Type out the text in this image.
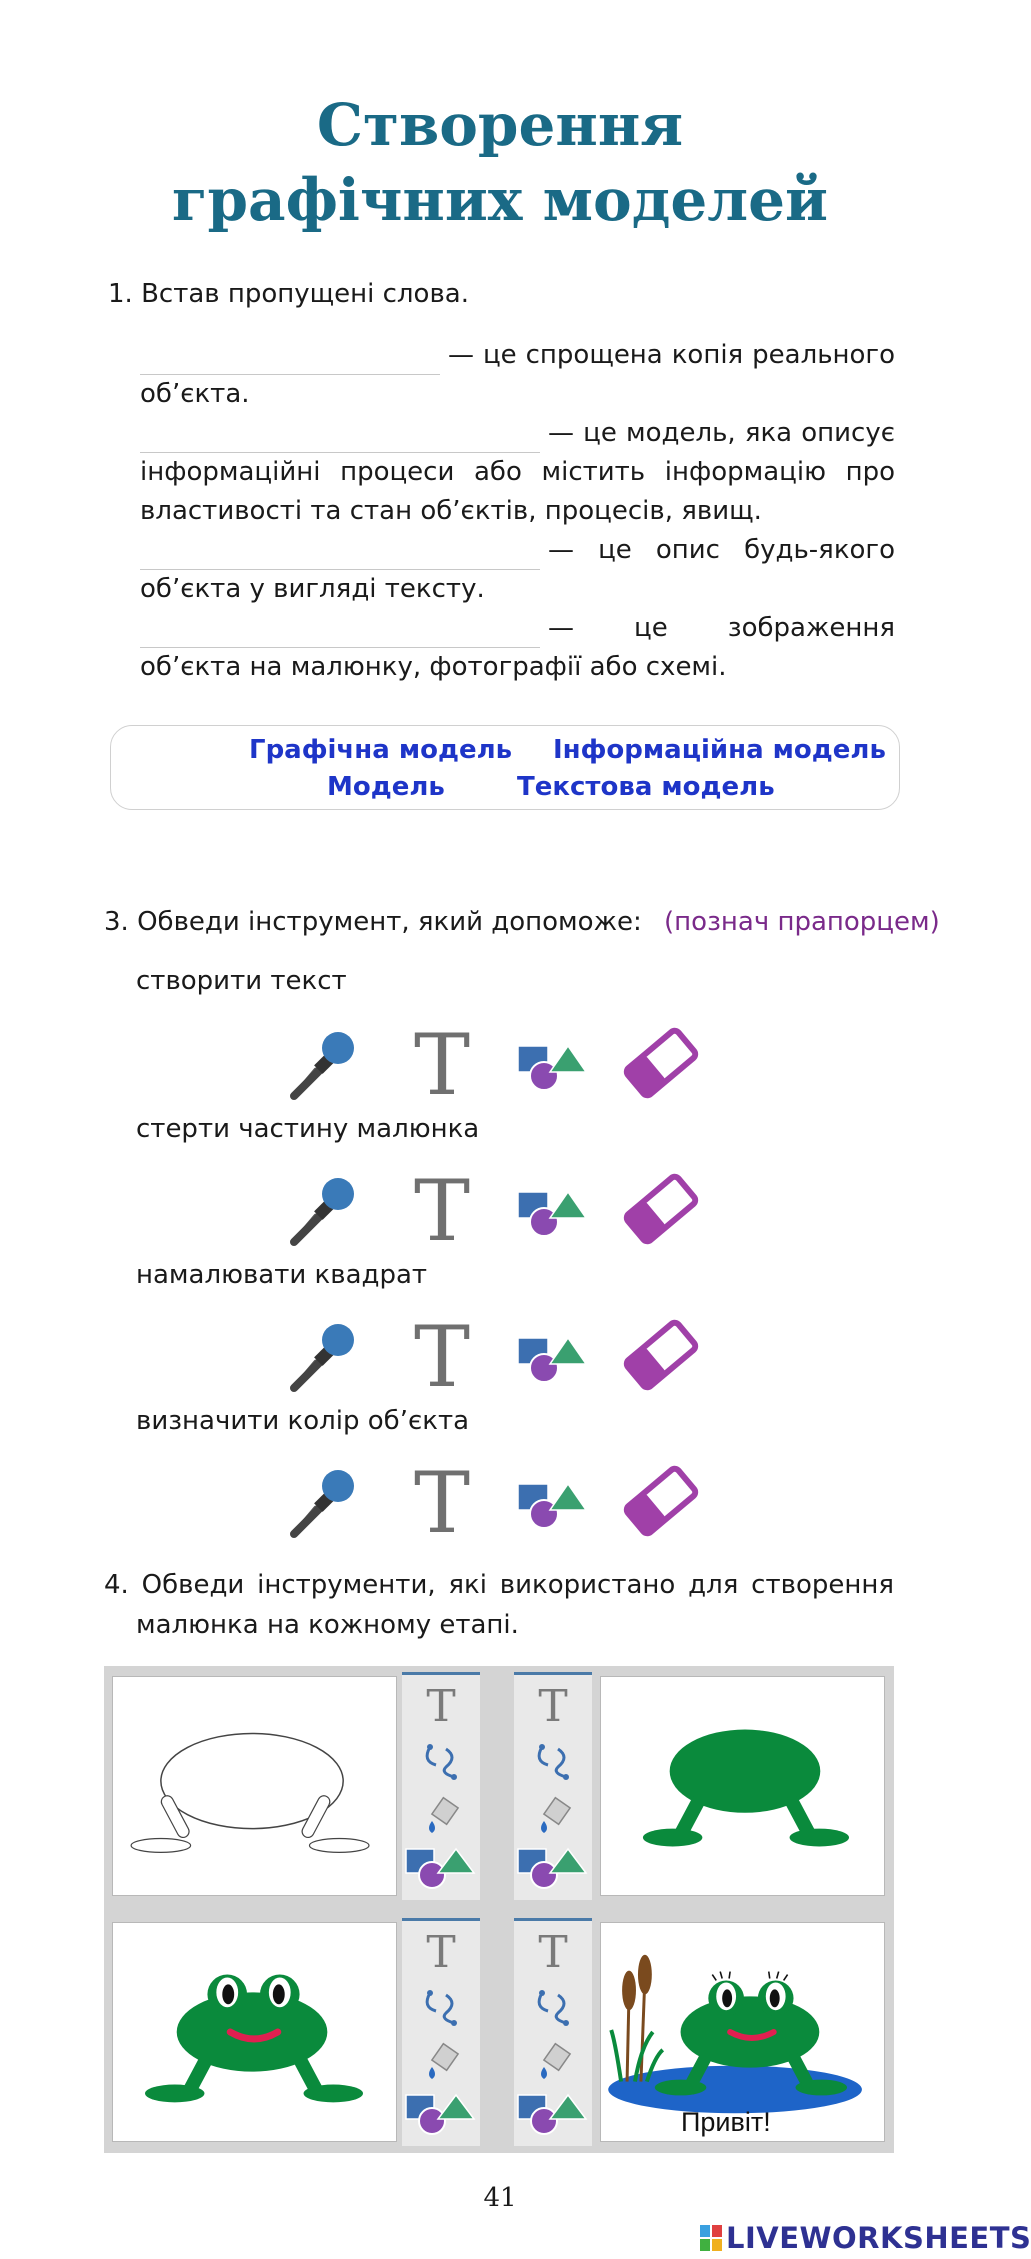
Створення
графічних моделей
1. Встав пропущені слова.
— це спрощена копія реального об’єкта.
— це модель, яка описує інформаційні процеси або містить інформацію про властивості та стан об’єктів, процесів, явищ.
— це опис будь-якого об’єкта у вигляді тексту.
— це зображення об’єкта на малюнку, фотографії або схемі.
Графічна модель Інформаційна модель
Модель	Текстова модель
3. Обведи інструмент, який допоможе: (познач прапорцем)
створити текст
стерти частину малюнка
намалювати квадрат
визначити колір об’єкта
T
T
T
T
4. Обведи інструменти, які використано для створення
малюнка на кожному етапі.
T T
T T
Привіт!
41
LIVEWORKSHEETS
